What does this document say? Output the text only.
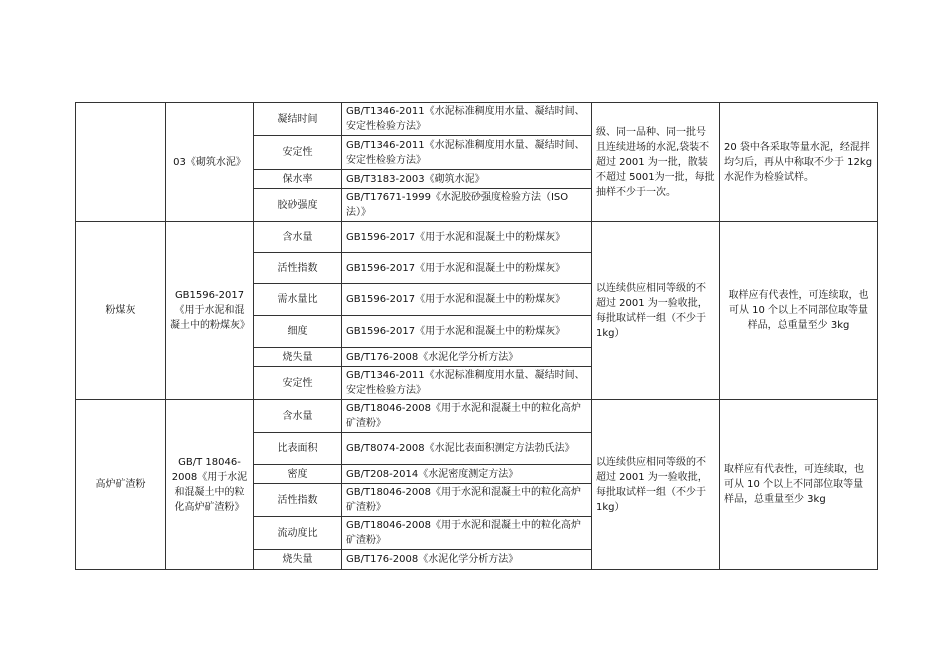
	03《砌筑水泥》	凝结时间	GB/T1346-2011《水泥标准稠度用水量、凝结时间、安定性检验方法》	级、同一品种、同一批号且连续进场的水泥,袋装不超过 2001 为一批，散装不超过 5001为一批，每批抽样不少于一次。	20 袋中各采取等量水泥，经混拌均匀后，再从中称取不少于 12kg 水泥作为检验试样。
		安定性	GB/T1346-2011《水泥标准稠度用水量、凝结时间、安定性检验方法》		
		保水率	GB/T3183-2003《砌筑水泥》		
		胶砂强度	GB/T17671-1999《水泥胶砂强度检验方法（ISO 法）》		
粉煤灰	GB1596-2017《用于水泥和混凝土中的粉煤灰》	含水量	GB1596-2017《用于水泥和混凝土中的粉煤灰》	以连续供应相同等级的不超过 2001 为一验收批，每批取试样一组（不少于 1kg）	取样应有代表性，可连续取，也可从 10 个以上不同部位取等量样品，总重量至少 3kg
		活性指数	GB1596-2017《用于水泥和混凝土中的粉煤灰》		
		需水量比	GB1596-2017《用于水泥和混凝土中的粉煤灰》		
		细度	GB1596-2017《用于水泥和混凝土中的粉煤灰》		
		烧失量	GB/T176-2008《水泥化学分析方法》		
		安定性	GB/T1346-2011《水泥标准稠度用水量、凝结时间、安定性检验方法》		
高炉矿渣粉	GB/T 18046-2008《用于水泥和混凝土中的粒化高炉矿渣粉》	含水量	GB/T18046-2008《用于水泥和混凝土中的粒化高炉矿渣粉》	以连续供应相同等级的不超过 2001 为一验收批，每批取试样一组（不少于 1kg）	取样应有代表性，可连续取，也可从 10 个以上不同部位取等量样品，总重量至少 3kg
		比表面积	GB/T8074-2008《水泥比表面积测定方法勃氏法》		
		密度	GB/T208-2014《水泥密度测定方法》		
		活性指数	GB/T18046-2008《用于水泥和混凝土中的粒化高炉矿渣粉》		
		流动度比	GB/T18046-2008《用于水泥和混凝土中的粒化高炉矿渣粉》		
		烧失量	GB/T176-2008《水泥化学分析方法》		
